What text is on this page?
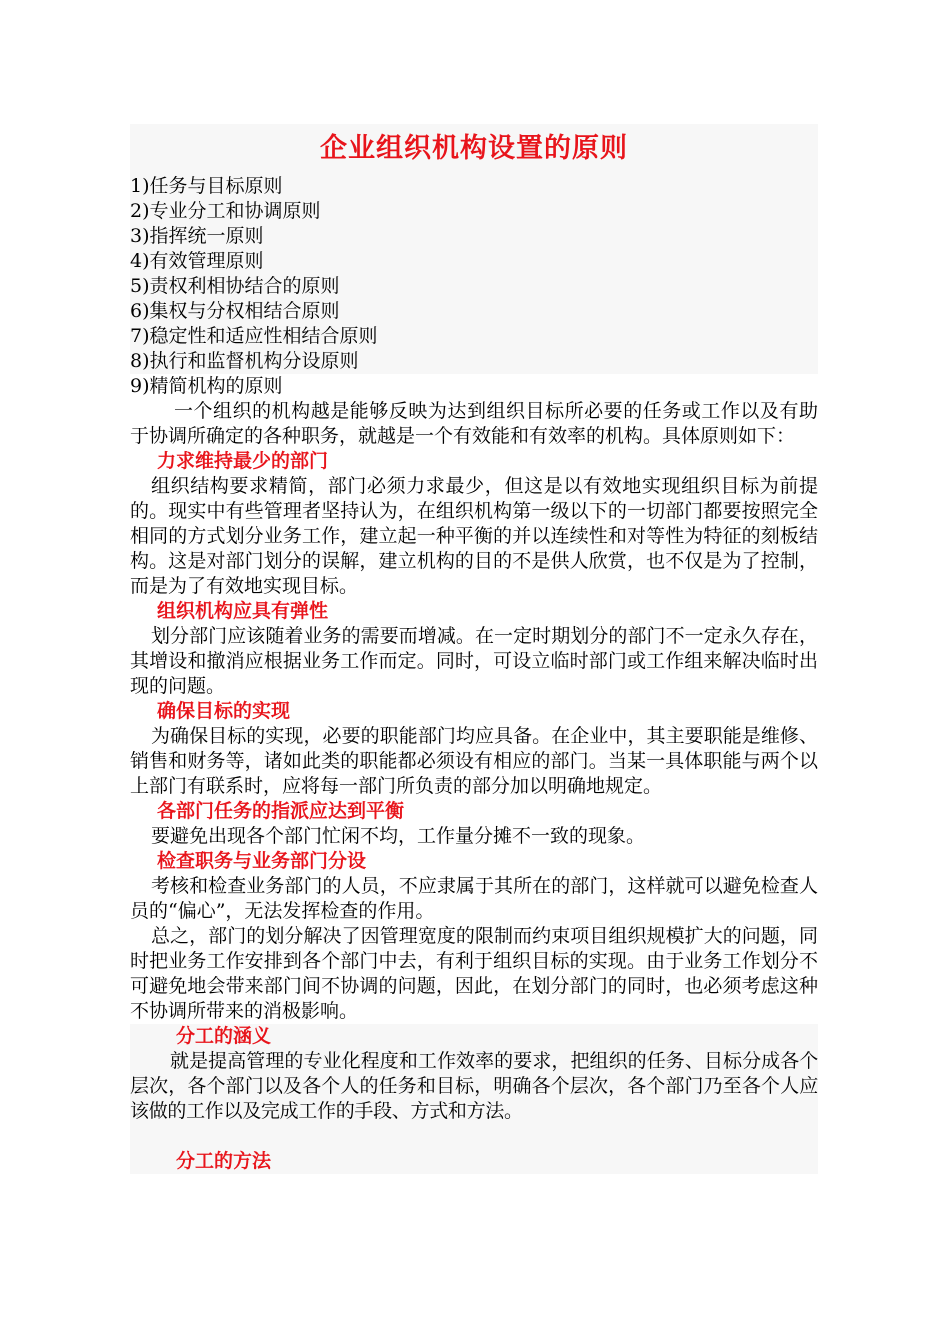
企业组织机构设置的原则
1)任务与目标原则
2)专业分工和协调原则
3)指挥统一原则
4)有效管理原则
5)责权利相协结合的原则
6)集权与分权相结合原则
7)稳定性和适应性相结合原则
8)执行和监督机构分设原则
9)精简机构的原则
一个组织的机构越是能够反映为达到组织目标所必要的任务或工作以及有助于协调所确定的各种职务，就越是一个有效能和有效率的机构。具体原则如下：
力求维持最少的部门
组织结构要求精简，部门必须力求最少，但这是以有效地实现组织目标为前提的。现实中有些管理者坚持认为，在组织机构第一级以下的一切部门都要按照完全相同的方式划分业务工作，建立起一种平衡的并以连续性和对等性为特征的刻板结构。这是对部门划分的误解，建立机构的目的不是供人欣赏，也不仅是为了控制，而是为了有效地实现目标。
组织机构应具有弹性
划分部门应该随着业务的需要而增减。在一定时期划分的部门不一定永久存在，其增设和撤消应根据业务工作而定。同时，可设立临时部门或工作组来解决临时出现的问题。
确保目标的实现
为确保目标的实现，必要的职能部门均应具备。在企业中，其主要职能是维修、销售和财务等，诸如此类的职能都必须设有相应的部门。当某一具体职能与两个以上部门有联系时，应将每一部门所负责的部分加以明确地规定。
各部门任务的指派应达到平衡
要避免出现各个部门忙闲不均，工作量分摊不一致的现象。
检查职务与业务部门分设
考核和检查业务部门的人员，不应隶属于其所在的部门，这样就可以避免检查人员的“偏心”，无法发挥检查的作用。
总之，部门的划分解决了因管理宽度的限制而约束项目组织规模扩大的问题，同时把业务工作安排到各个部门中去，有利于组织目标的实现。由于业务工作划分不可避免地会带来部门间不协调的问题，因此，在划分部门的同时，也必须考虑这种不协调所带来的消极影响。
分工的涵义
就是提高管理的专业化程度和工作效率的要求，把组织的任务、目标分成各个层次，各个部门以及各个人的任务和目标，明确各个层次，各个部门乃至各个人应该做的工作以及完成工作的手段、方式和方法。
分工的方法
